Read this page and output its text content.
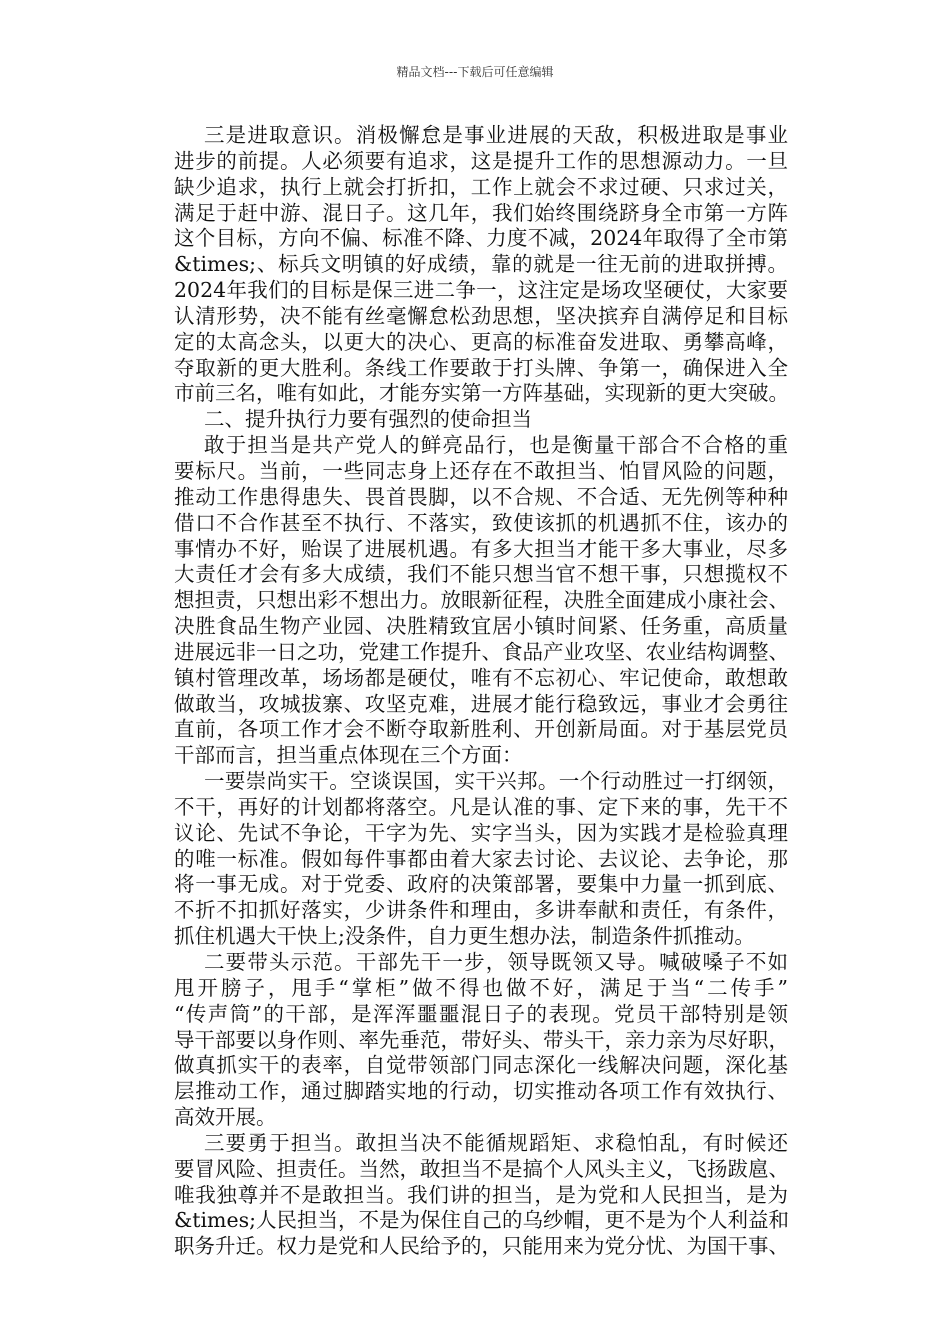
精品文档---下载后可任意编辑
三是进取意识。消极懈怠是事业进展的天敌，积极进取是事业
进步的前提。人必须要有追求，这是提升工作的思想源动力。一旦
缺少追求，执行上就会打折扣，工作上就会不求过硬、只求过关，
满足于赶中游、混日子。这几年，我们始终围绕跻身全市第一方阵
这个目标，方向不偏、标准不降、力度不减，2024年取得了全市第
&times;、标兵文明镇的好成绩，靠的就是一往无前的进取拼搏。
2024年我们的目标是保三进二争一，这注定是场攻坚硬仗，大家要
认清形势，决不能有丝毫懈怠松劲思想，坚决摈弃自满停足和目标
定的太高念头，以更大的决心、更高的标准奋发进取、勇攀高峰，
夺取新的更大胜利。条线工作要敢于打头牌、争第一，确保进入全
市前三名，唯有如此，才能夯实第一方阵基础，实现新的更大突破。
二、提升执行力要有强烈的使命担当
敢于担当是共产党人的鲜亮品行，也是衡量干部合不合格的重
要标尺。当前，一些同志身上还存在不敢担当、怕冒风险的问题，
推动工作患得患失、畏首畏脚，以不合规、不合适、无先例等种种
借口不合作甚至不执行、不落实，致使该抓的机遇抓不住，该办的
事情办不好，贻误了进展机遇。有多大担当才能干多大事业，尽多
大责任才会有多大成绩，我们不能只想当官不想干事，只想揽权不
想担责，只想出彩不想出力。放眼新征程，决胜全面建成小康社会、
决胜食品生物产业园、决胜精致宜居小镇时间紧、任务重，高质量
进展远非一日之功，党建工作提升、食品产业攻坚、农业结构调整、
镇村管理改革，场场都是硬仗，唯有不忘初心、牢记使命，敢想敢
做敢当，攻城拔寨、攻坚克难，进展才能行稳致远，事业才会勇往
直前，各项工作才会不断夺取新胜利、开创新局面。对于基层党员
干部而言，担当重点体现在三个方面：
一要崇尚实干。空谈误国，实干兴邦。一个行动胜过一打纲领，
不干，再好的计划都将落空。凡是认准的事、定下来的事，先干不
议论、先试不争论，干字为先、实字当头，因为实践才是检验真理
的唯一标准。假如每件事都由着大家去讨论、去议论、去争论，那
将一事无成。对于党委、政府的决策部署，要集中力量一抓到底、
不折不扣抓好落实，少讲条件和理由，多讲奉献和责任，有条件，
抓住机遇大干快上;没条件，自力更生想办法，制造条件抓推动。
二要带头示范。干部先干一步，领导既领又导。喊破嗓子不如
甩开膀子，甩手“掌柜”做不得也做不好，满足于当“二传手”
“传声筒”的干部，是浑浑噩噩混日子的表现。党员干部特别是领
导干部要以身作则、率先垂范，带好头、带头干，亲力亲为尽好职，
做真抓实干的表率，自觉带领部门同志深化一线解决问题，深化基
层推动工作，通过脚踏实地的行动，切实推动各项工作有效执行、
高效开展。
三要勇于担当。敢担当决不能循规蹈矩、求稳怕乱，有时候还
要冒风险、担责任。当然，敢担当不是搞个人风头主义，飞扬跋扈、
唯我独尊并不是敢担当。我们讲的担当，是为党和人民担当，是为
&times;人民担当，不是为保住自己的乌纱帽，更不是为个人利益和
职务升迁。权力是党和人民给予的，只能用来为党分忧、为国干事、
